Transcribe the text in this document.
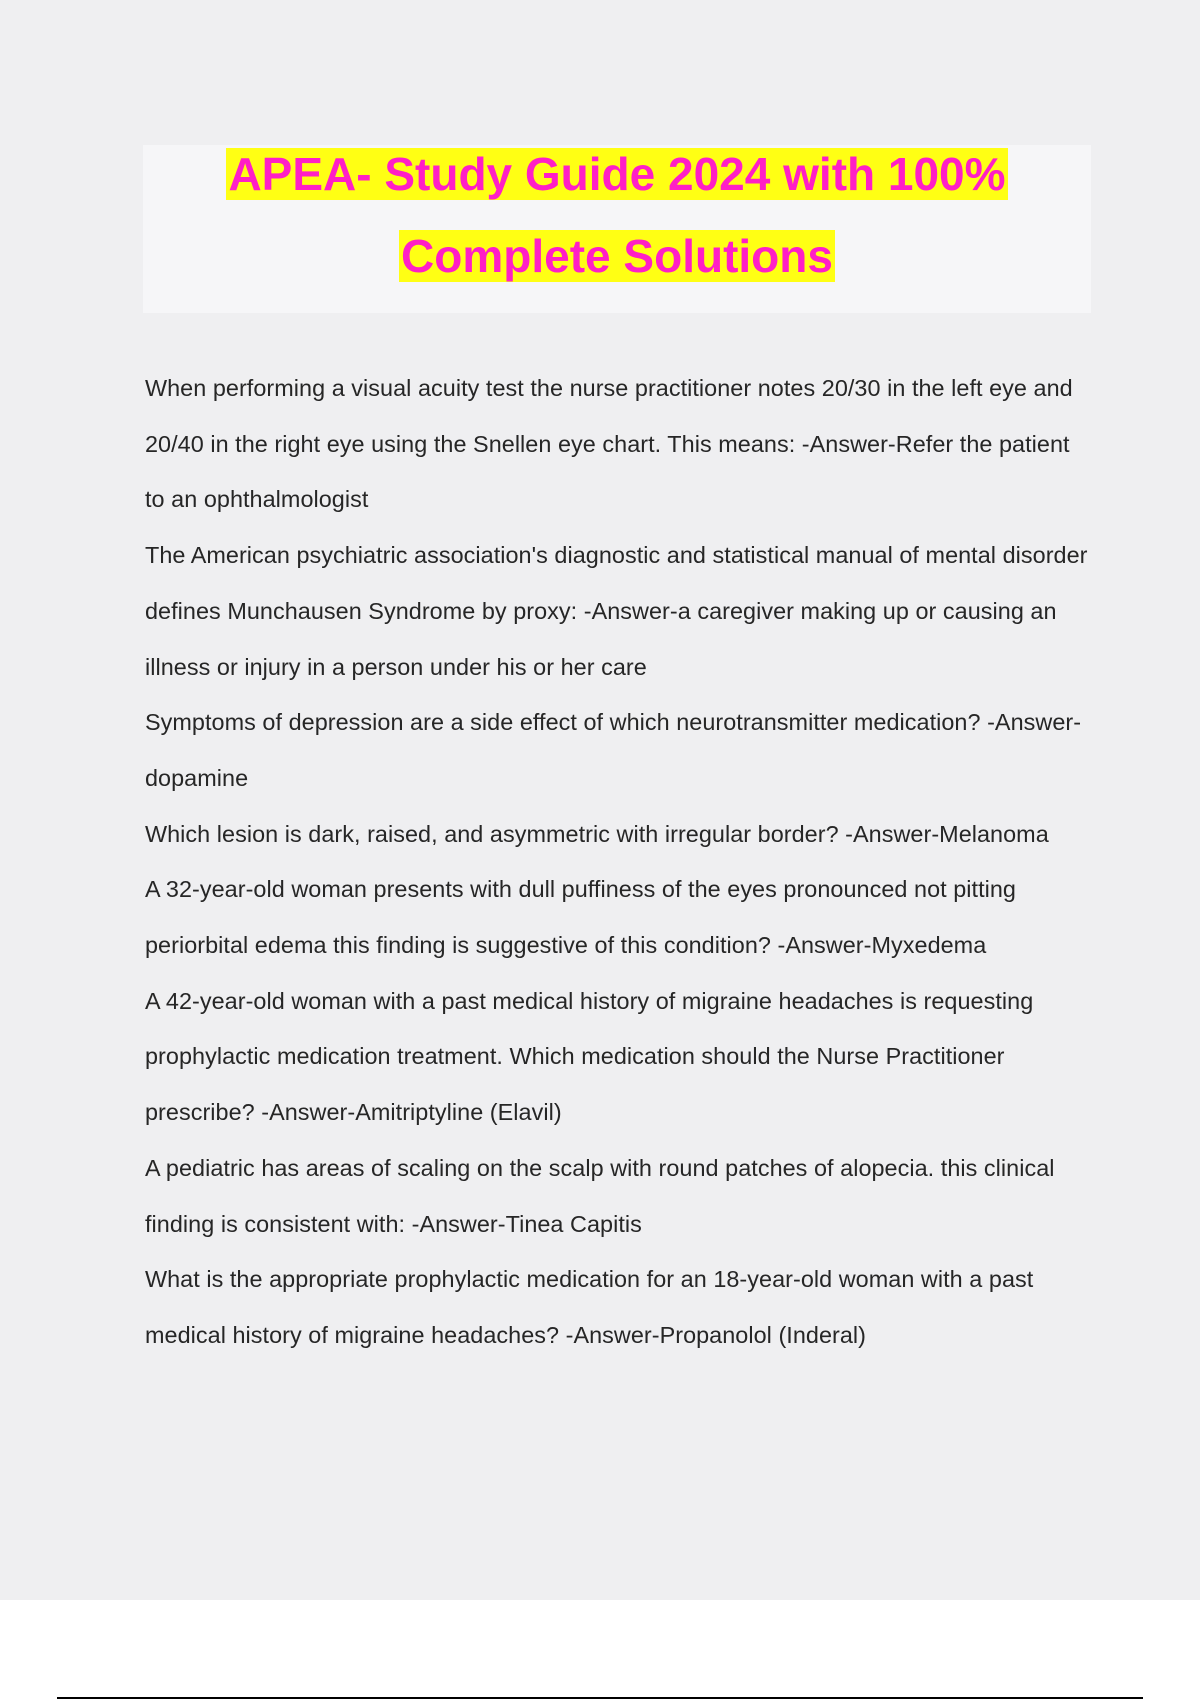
APEA- Study Guide 2024 with 100%
Complete Solutions

When performing a visual acuity test the nurse practitioner notes 20/30 in the left eye and 20/40 in the right eye using the Snellen eye chart. This means: -Answer-Refer the patient to an ophthalmologist

The American psychiatric association's diagnostic and statistical manual of mental disorder defines Munchausen Syndrome by proxy: -Answer-a caregiver making up or causing an illness or injury in a person under his or her care

Symptoms of depression are a side effect of which neurotransmitter medication? -Answer-dopamine

Which lesion is dark, raised, and asymmetric with irregular border? -Answer-Melanoma

A 32-year-old woman presents with dull puffiness of the eyes pronounced not pitting periorbital edema this finding is suggestive of this condition? -Answer-Myxedema

A 42-year-old woman with a past medical history of migraine headaches is requesting prophylactic medication treatment. Which medication should the Nurse Practitioner prescribe? -Answer-Amitriptyline (Elavil)

A pediatric has areas of scaling on the scalp with round patches of alopecia. this clinical finding is consistent with: -Answer-Tinea Capitis

What is the appropriate prophylactic medication for an 18-year-old woman with a past medical history of migraine headaches? -Answer-Propanolol (Inderal)
